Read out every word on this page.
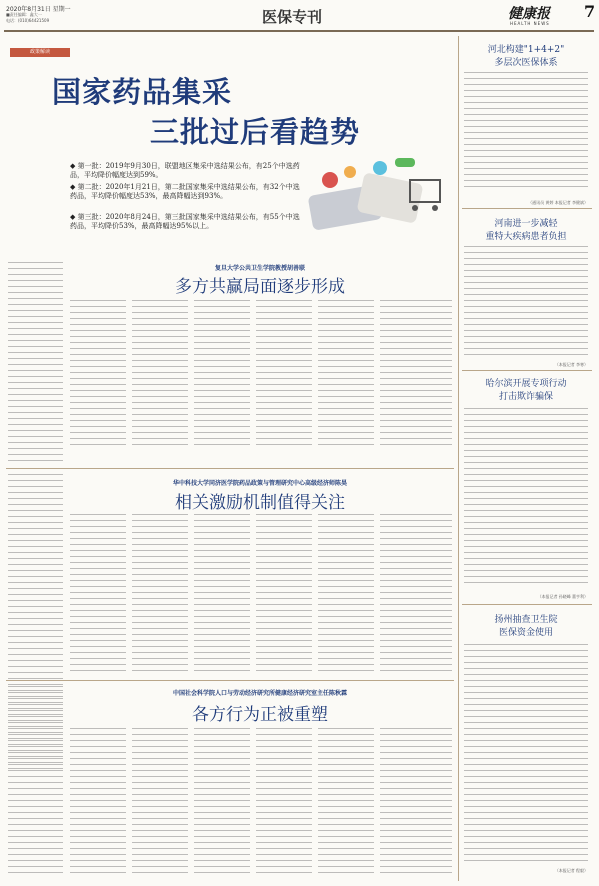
2020年8月31日 星期一
■责任编辑：鑫大一
电话：(010)64421509	医保专刊	健康报
HEALTH NEWS
7
政策解读
国家药品集采
三批过后看趋势
◆ 第一批：2019年9月30日，联盟地区集采中选结果公布，有25个中选药品，平均降价幅度达到59%。
◆ 第二批：2020年1月21日，第二批国家集采中选结果公布，有32个中选药品，平均降价幅度达53%，最高降幅达到93%。
◆ 第三批：2020年8月24日，第三批国家集采中选结果公布，有55个中选药品，平均降价53%，最高降幅达95%以上。
复旦大学公共卫生学院教授胡善联
多方共赢局面逐步形成
华中科技大学同济医学院药品政策与管理研究中心高级经济师陈昊
相关激励机制值得关注
中国社会科学院人口与劳动经济研究所健康经济研究室主任陈秋霖
各方行为正被重塑
河北构建"1+4+2"
多层次医保体系
（通讯员 黄婷 本报记者 李健斌）
河南进一步减轻
重特大疾病患者负担
（本报记者 李寒）
哈尔滨开展专项行动
打击欺诈骗保
（本报记者 孙晓峰 董亨利）
扬州抽查卫生院
医保资金使用
（本报记者 程毅）
